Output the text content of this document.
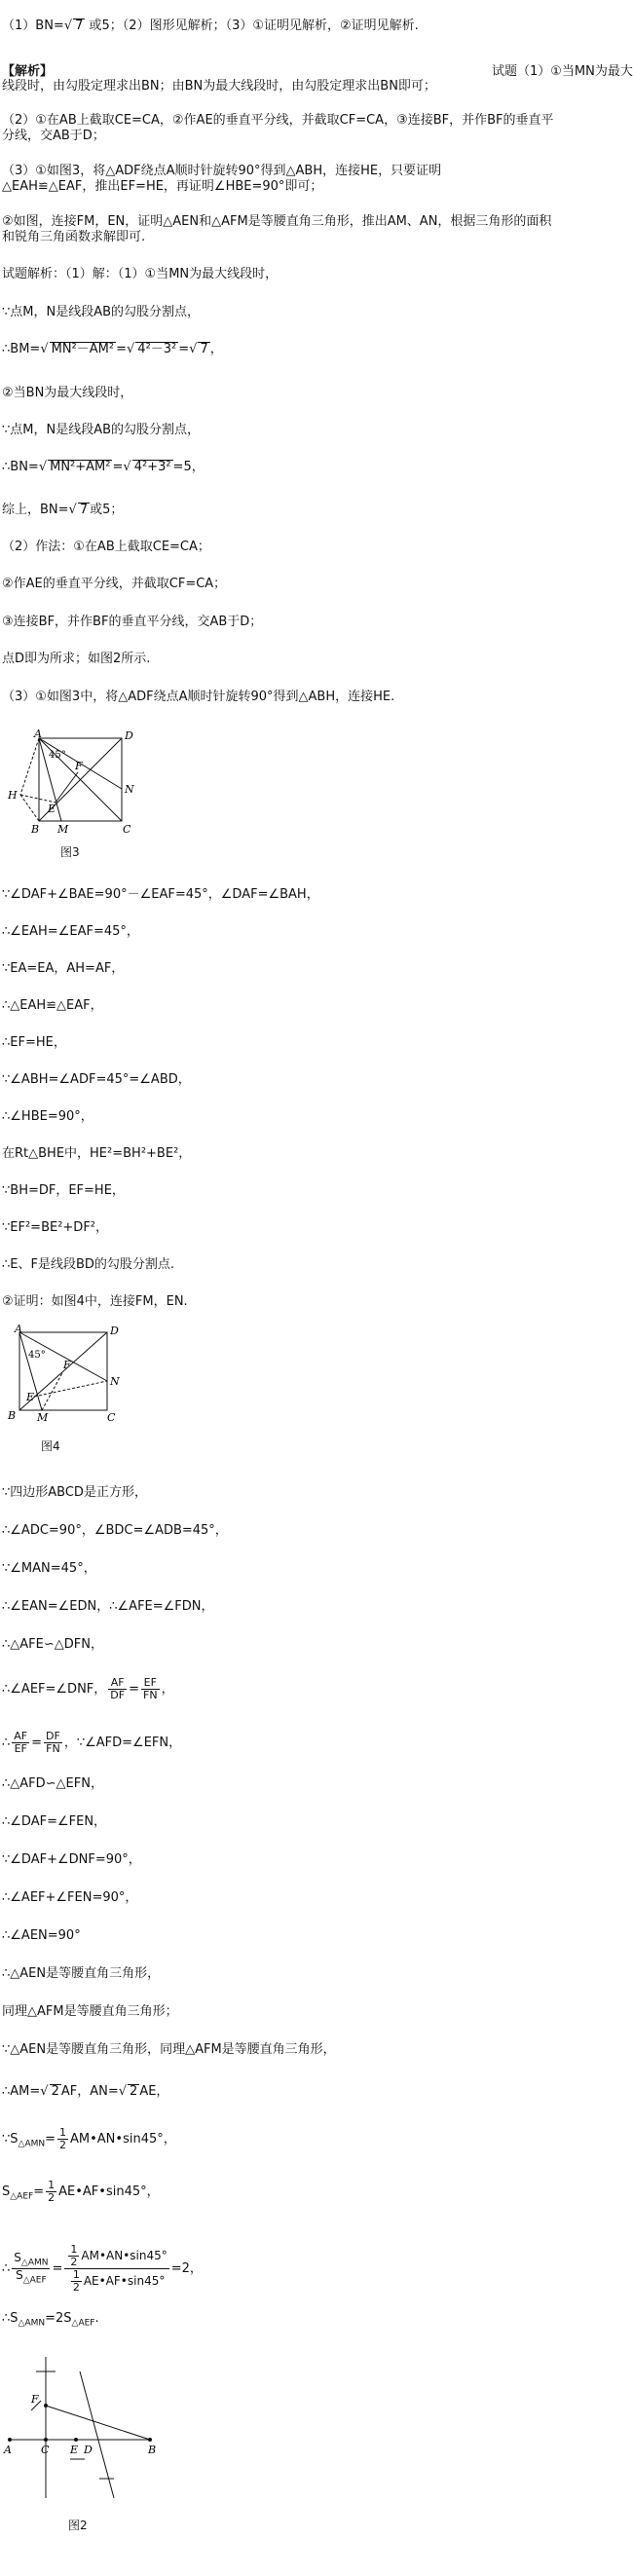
（1）BN=√ 7 或5；（2）图形见解析；（3）①证明见解析，②证明见解析.
【解析】	试题（1）①当MN为最大
线段时，由勾股定理求出BN；由BN为最大线段时，由勾股定理求出BN即可；
（2）①在AB上截取CE=CA，②作AE的垂直平分线，并截取CF=CA，③连接BF，并作BF的垂直平
分线，交AB于D；
（3）①如图3，将△ADF绕点A顺时针旋转90°得到△ABH，连接HE，只要证明
△EAH≌△EAF，推出EF=HE，再证明∠HBE=90°即可；
②如图，连接FM，EN，证明△AEN和△AFM是等腰直角三角形，推出AM、AN，根据三角形的面积
和锐角三角函数求解即可.
试题解析：（1）解：（1）①当MN为最大线段时，
∵点M，N是线段AB的勾股分割点，
∴BM=√ MN²－AM² =√ 4²－3² =√ 7 ，
②当BN为最大线段时，
∵点M，N是线段AB的勾股分割点，
∴BN=√ MN²+AM² =√ 4²+3² =5，
综上，BN=√ 7 或5；
（2）作法：①在AB上截取CE=CA；
②作AE的垂直平分线，并截取CF=CA；
③连接BF，并作BF的垂直平分线，交AB于D；
点D即为所求；如图2所示.
（3）①如图3中，将△ADF绕点A顺时针旋转90°得到△ABH，连接HE.
A	D
H
B M	C
N
E
F
45°
图3
∵∠DAF+∠BAE=90°－∠EAF=45°，∠DAF=∠BAH，
∴∠EAH=∠EAF=45°，
∵EA=EA，AH=AF，
∴△EAH≌△EAF，
∴EF=HE，
∵∠ABH=∠ADF=45°=∠ABD，
∴∠HBE=90°，
在Rt△BHE中，HE²=BH²+BE²，
∵BH=DF，EF=HE，
∵EF²=BE²+DF²，
∴E、F是线段BD的勾股分割点.
②证明：如图4中，连接FM，EN.
A	D
B M	C
N
E
F
45°
图4
∵四边形ABCD是正方形，
∴∠ADC=90°，∠BDC=∠ADB=45°，
∵∠MAN=45°，
∴∠EAN=∠EDN，∴∠AFE=∠FDN，
∴△AFE∽△DFN，
∴∠AEF=∠DNF， $\frac{AF}{DF} = \frac{EF}{FN}$ ，
∴ $\frac{AF}{EF} = \frac{DF}{FN}$ ，∵∠AFD=∠EFN，
∴△AFD∽△EFN，
∴∠DAF=∠FEN，
∵∠DAF+∠DNF=90°，
∴∠AEF+∠FEN=90°，
∴∠AEN=90°
∴△AEN是等腰直角三角形，
同理△AFM是等腰直角三角形；
∵△AEN是等腰直角三角形，同理△AFM是等腰直角三角形，
∴AM=√ 2 AF，AN=√ 2 AE，
$\because S_{\triangle AMN}= \frac{1}{2}$ AM•AN•sin45°，
$S_{\triangle AEF}= \frac{1}{2}$ AE•AF•sin45°，
∴ $\frac{S_{\triangle AMN}}{S_{\triangle AEF}} = \frac{\frac{1}{2} AM•AN•\sin 45^\circ}{\frac{1}{2} AE•AF•\sin 45^\circ} =2$，
$\therefore S_{\triangle AMN}=2S_{\triangle AEF}$.
A	C E D	B
F
图2
